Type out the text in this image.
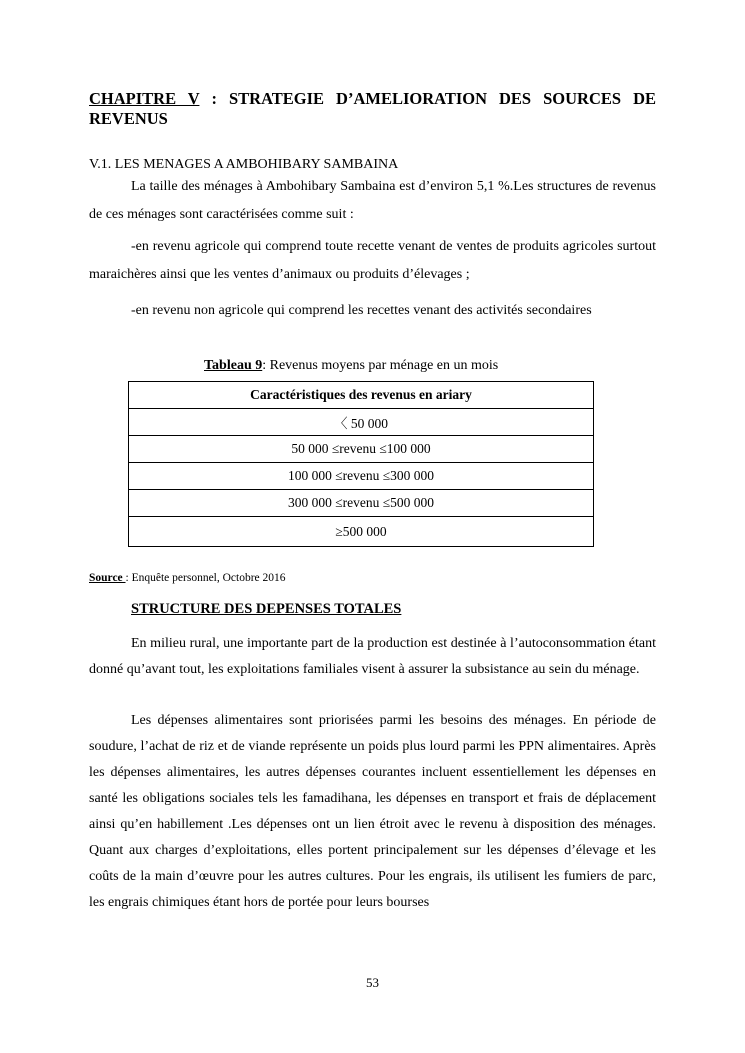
CHAPITRE V : STRATEGIE D’AMELIORATION DES SOURCES DE
REVENUS
V.1. LES MENAGES A AMBOHIBARY SAMBAINA
La taille des ménages à Ambohibary Sambaina est d’environ 5,1 %.Les structures de revenus de ces ménages sont caractérisées comme suit :
-en revenu agricole qui comprend toute recette venant de ventes de produits agricoles surtout maraichères ainsi que les ventes d’animaux ou produits d’élevages ;
-en revenu non agricole qui comprend les recettes venant des activités secondaires
Tableau 9: Revenus moyens par ménage en un mois
Caractéristiques des revenus en ariary
〈 50 000
50 000 ≤revenu ≤100 000
100 000 ≤revenu ≤300 000
300 000 ≤revenu ≤500 000
≥500 000
Source : Enquête personnel, Octobre 2016
STRUCTURE DES DEPENSES TOTALES
En milieu rural, une importante part de la production est destinée à l’autoconsommation étant donné qu’avant tout, les exploitations familiales visent à assurer la subsistance au sein du ménage.
Les dépenses alimentaires sont priorisées parmi les besoins des ménages. En période de soudure, l’achat de riz et de viande représente un poids plus lourd parmi les PPN alimentaires. Après les dépenses alimentaires, les autres dépenses courantes incluent essentiellement les dépenses en santé les obligations sociales tels les famadihana, les dépenses en transport et frais de déplacement ainsi qu’en habillement .Les dépenses ont un lien étroit avec le revenu à disposition des ménages. Quant aux charges d’exploitations, elles portent principalement sur les dépenses d’élevage et les coûts de la main d’œuvre pour les autres cultures. Pour les engrais, ils utilisent les fumiers de parc, les engrais chimiques étant hors de portée pour leurs bourses
53
